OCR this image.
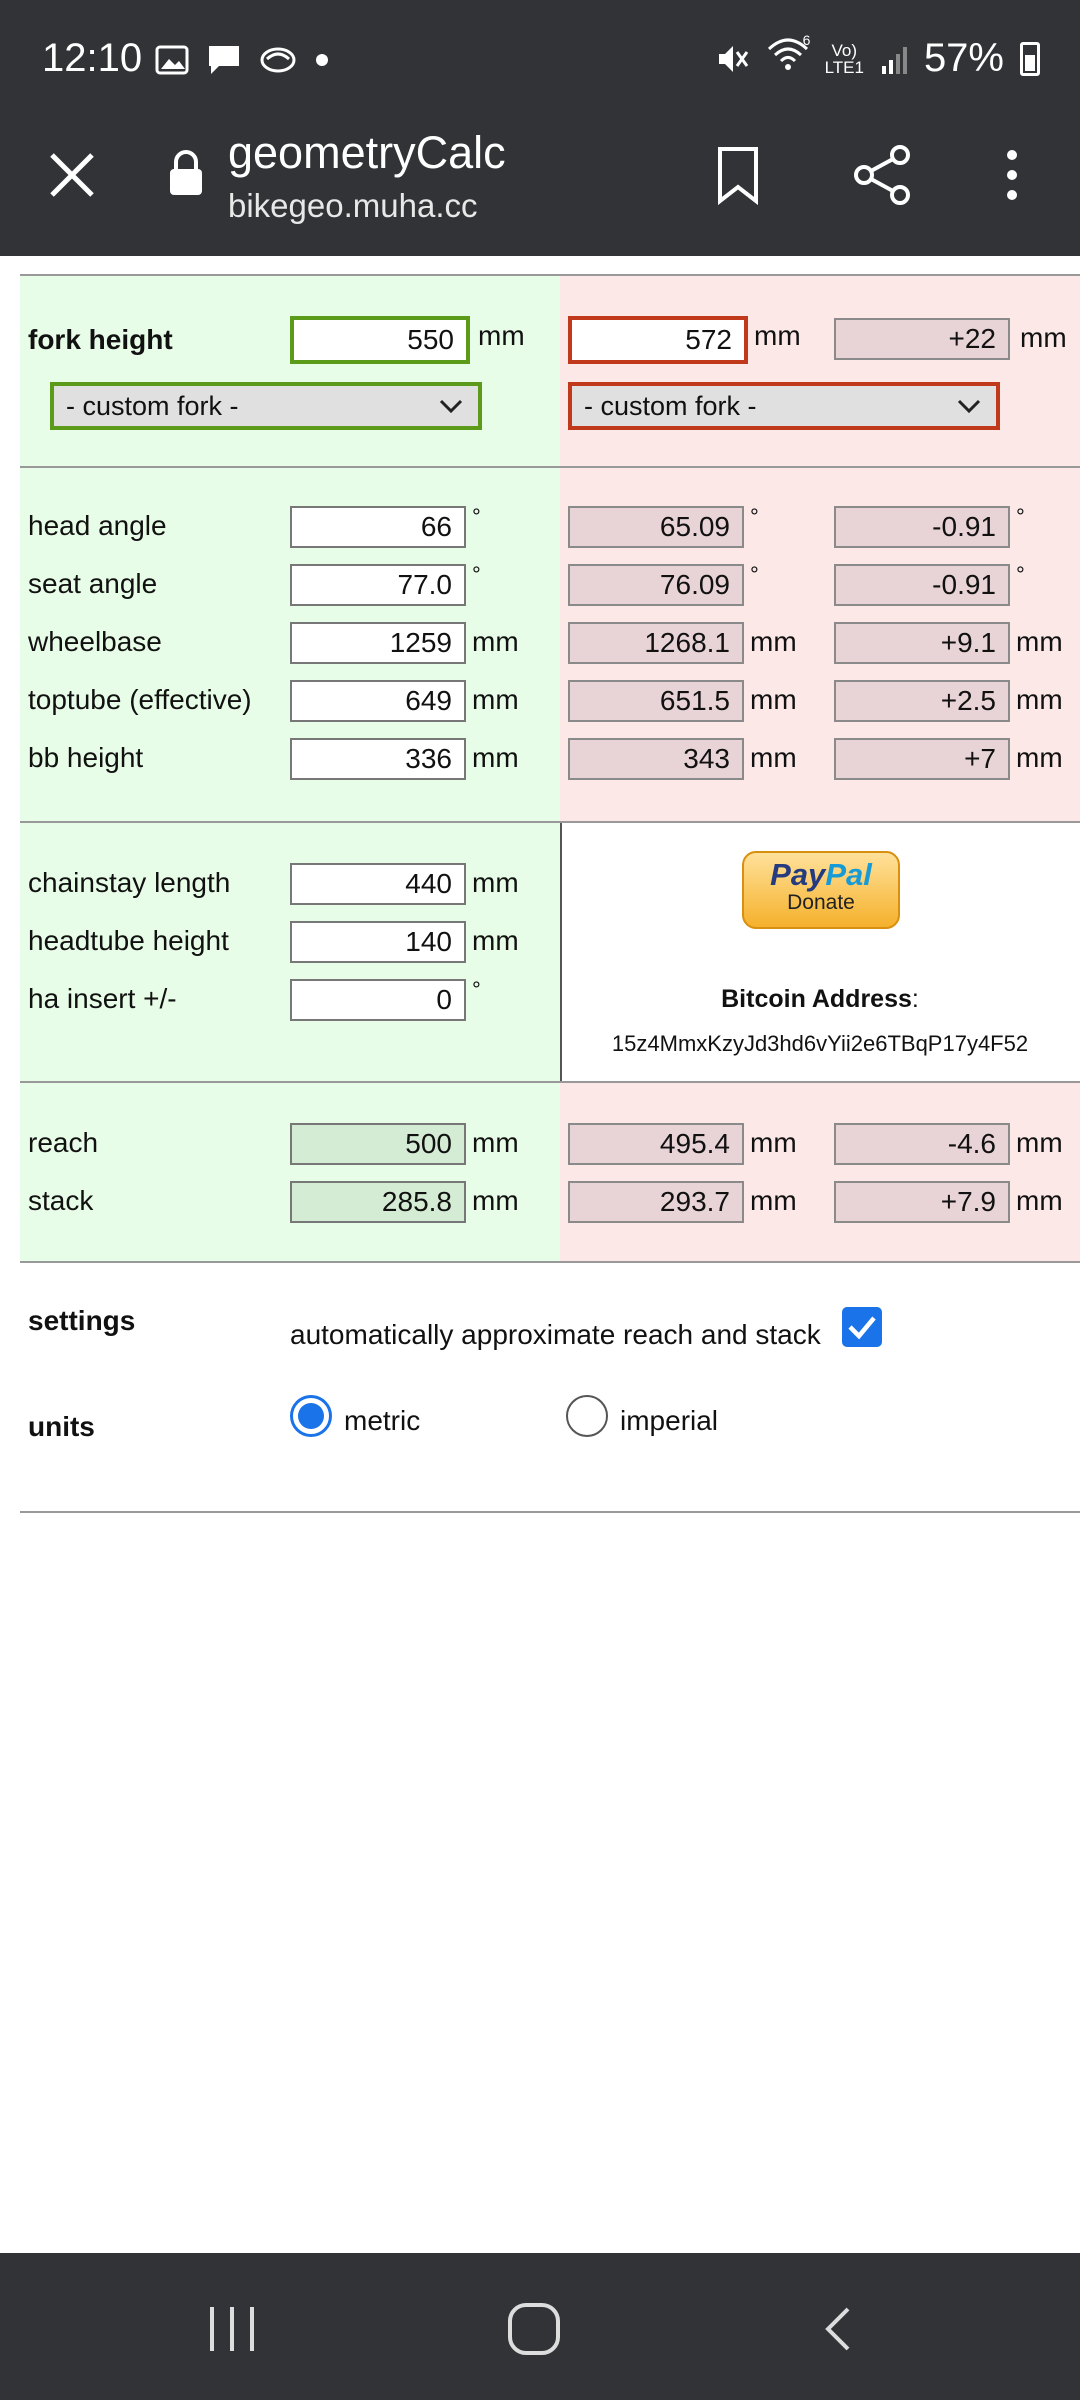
12:10	6
Vo)
LTE1 57%
geometryCalc
bikegeo.muha.cc
fork height	550 mm	572 mm	+22 mm
- custom fork -	- custom fork -
head angle	66 °	65.09 °	-0.91 °
seat angle	77.0 °	76.09 °	-0.91 °
wheelbase	1259 mm	1268.1 mm	+9.1 mm
toptube (effective)	649 mm	651.5 mm	+2.5 mm
bb height	336 mm	343 mm	+7 mm
PayPal
Donate
Bitcoin Address:
15z4MmxKzyJd3hd6vYii2e6TBqP17y4F52
chainstay length	440 mm
headtube height	140 mm
ha insert +/-	0 °
reach	500 mm	495.4 mm	-4.6 mm
stack	285.8 mm	293.7 mm	+7.9 mm
settings	automatically approximate reach and stack
units	metric	imperial
